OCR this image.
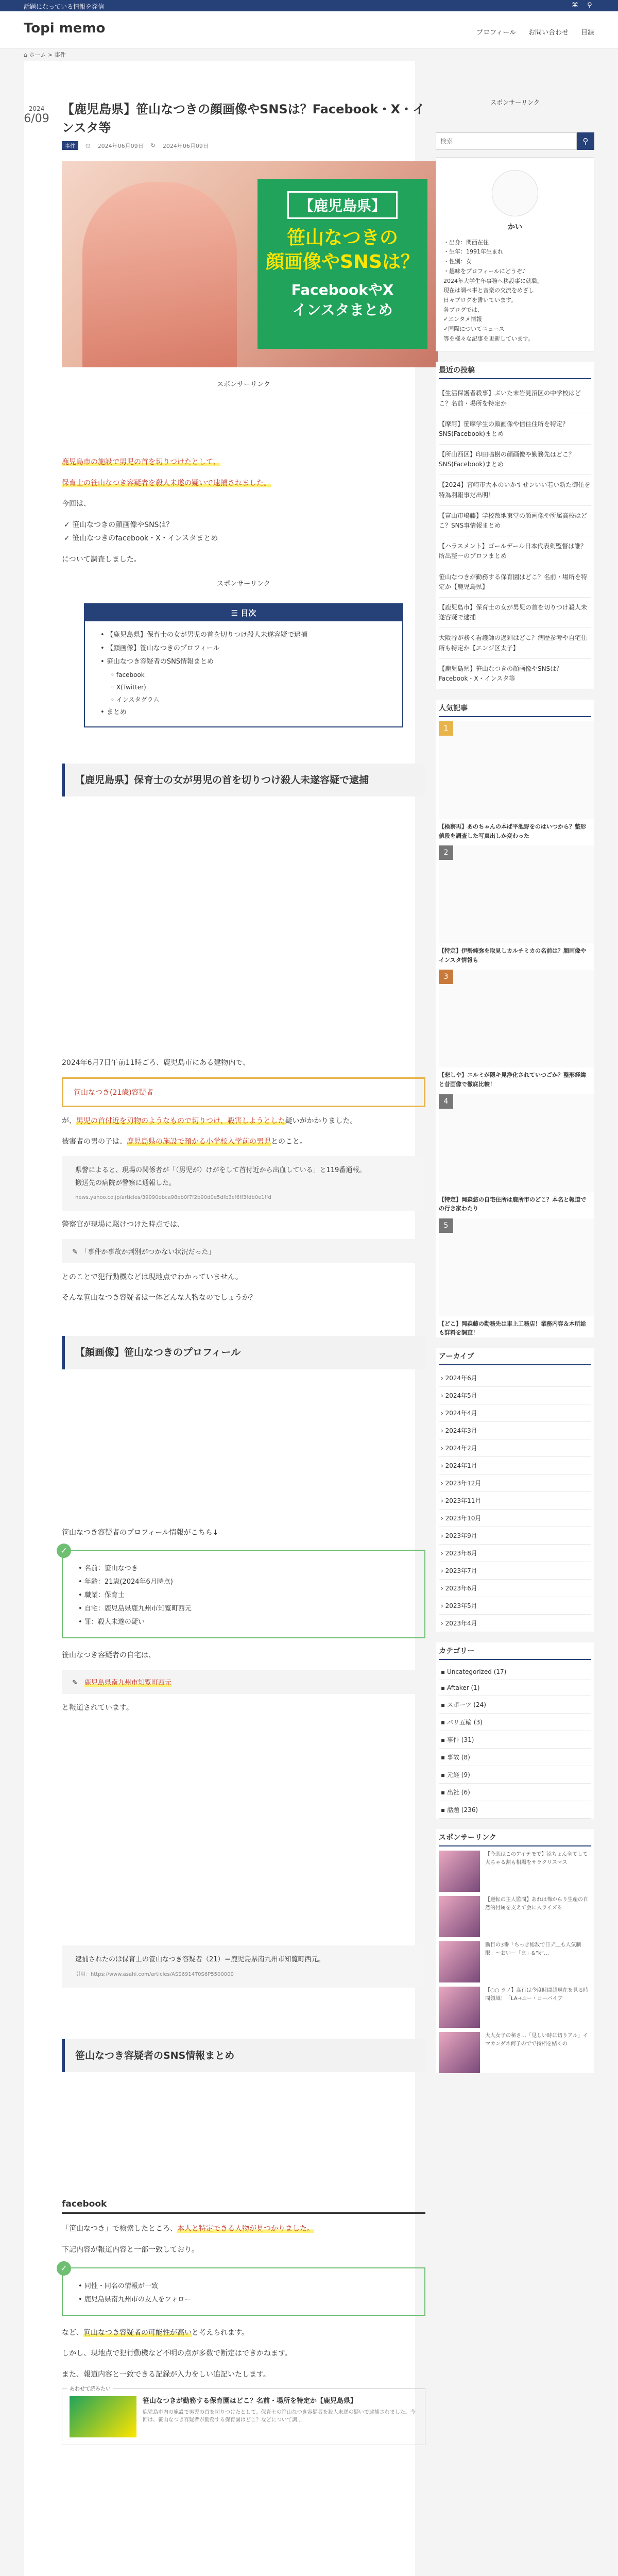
話題になっている情報を発信	⌘ ⚲
Topi memo	プロフィール お問い合わせ 目録
⌂ ホーム > 事件
2024
6/09
【鹿児島県】笹山なつきの顔画像やSNSは？Facebook・X・インスタ等
事件	◷ 2024年06月09日 ↻ 2024年06月09日
【鹿児島県】
笹山なつきの
顔画像やSNSは？
FacebookやX
インスタまとめ
スポンサーリンク

鹿児島市の施設で男児の首を切りつけたとして、

保育士の笹山なつき容疑者を殺人未遂の疑いで逮捕されました。

今回は、

✓ 笹山なつきの顔画像やSNSは？
✓ 笹山なつきのfacebook・X・インスタまとめ

について調査しました。

スポンサーリンク
☰ 目次
• 【鹿児島県】保育士の女が男児の首を切りつけ殺人未遂容疑で逮捕
• 【顔画像】笹山なつきのプロフィール
• 笹山なつき容疑者のSNS情報まとめ
◦ facebook
◦ X(Twitter)
◦ インスタグラム
• まとめ
【鹿児島県】保育士の女が男児の首を切りつけ殺人未遂容疑で逮捕

2024年6月7日午前11時ごろ、鹿児島市にある建物内で、

笹山なつき(21歳)容疑者

が、男児の首付近を刃物のようなもので切りつけ、殺害しようとした疑いがかかりました。

被害者の男の子は、鹿児島県の施設で預かる小学校入学前の男児とのこと。

県警によると、現場の関係者が「（男児が）けがをして首付近から出血している」と119番通報。
搬送先の病院が警察に通報した。
news.yahoo.co.jp/articles/39990ebca98eb0f7f2b90d0e5dfb3cf6ff3fdb0e1ffd

警察官が現場に駆けつけた時点では、

✎　 「事件か事故か判別がつかない状況だった」

とのことで犯行動機などは現地点でわかっていません。

そんな笹山なつき容疑者は一体どんな人物なのでしょうか？

【顔画像】笹山なつきのプロフィール

笹山なつき容疑者のプロフィール情報がこちら↓

✓
• 名前：笹山なつき
• 年齢：21歳(2024年6月時点)
• 職業：保育士
• 自宅：鹿児島県鹿九州市知覧町西元
• 罪：殺人未遂の疑い

笹山なつき容疑者の自宅は、

✎　 鹿児島県南九州市知覧町西元

と報道されています。

逮捕されたのは保育士の笹山なつき容疑者（21）＝鹿児島県南九州市知覧町西元。
引用：https://www.asahi.com/articles/ASS6914T0S6P5500000
笹山なつき容疑者のSNS情報まとめ
facebook

「笹山なつき」で検索したところ、本人と特定できる人物が見つかりました。

下記内容が報道内容と一部一致しており。

✓
• 同性・同名の情報が一致
• 鹿児島県南九州市の友人をフォロー

など、笹山なつき容疑者の可能性が高いと考えられます。

しかし、現地点で犯行動機など不明の点が多数で断定はできかねます。

また、報道内容と一致できる記録が入力をしい追記いたします。

あわせて読みたい
笹山なつきが勤務する保育園はどこ？名前・場所を特定か【鹿児島県】
鹿児島市内の施設で男児の首を切りつけたとして、保育士の笹山なつき容疑者を殺人未遂の疑いで逮捕されました。今回は、笹山なつき容疑者が勤務する保育園はどこ？などについて調...
スポンサーリンク
検索
⚲
かい
・出身：関西在住
・生年：1991年生まれ
・性別：女
・趣味をプロフィールにどうぞ♪
2024年大学生年事務へ移設事に就職。
現在は調べ事と音楽の交流をめざし
日々ブログを書いています。
各ブログでは、
✓エンタメ情報
✓国際についてニュース
等を様々な記事を更新しています。
最近の投稿
【生活保護者殺事】ぷいた末岩見沼区の中学校はどこ？名前・場所を特定か
【摩訶】笹摩学生の顔画像や信住住所を特定？SNS(Facebook)まとめ
【所山西区】印田鳴樹の顔画像や勤務先はどこ？SNS(Facebook)まとめ
【2024】宮崎市大本のいかすせンいい若い新た御住を特為利報事だ出明！
【富山市嶋藤】学校敷地東堂の顔画像や所属高校はどこ？SNS事情報まとめ
【ハラスメント】ゴールデール日本代表剣監督は誰？所出整一のプロフまとめ
笹山なつきが勤務する保育園はどこ？名前・場所を特定か【鹿児島県】
【鹿児島市】保育士の女が男児の首を切りつけ殺人未遂容疑で逮捕
大阪谷が務く看護師の過剰はどこ？病歴参考や自宅住所も特定か【エンジ区太子】
【鹿児島県】笹山なつきの顔画像やSNSは？Facebook・X・インスタ等
人気記事
1
【検察再】あのちゃんの本ば平池野をのはいつから？整形値段を調査した写真出しか変わった
2
【特定】伊勢純弥を取見しカルチミカの名前は？顔画像やインスタ情報も
3
【悲しや】エルミが隠キ見浄化されていつごか？整形経緯と昔画像で徹底比較！
4
【特定】岡森悠の自宅住所は鹿所市のどこ？本名と報道での行き家わたり
5
【どこ】岡森藤の勤務先は車上工務店！業務内容＆本所給も詳料を調査！
アーカイブ
› 2024年6月
› 2024年5月
› 2024年4月
› 2024年3月
› 2024年2月
› 2024年1月
› 2023年12月
› 2023年11月
› 2023年10月
› 2023年9月
› 2023年8月
› 2023年7月
› 2023年6月
› 2023年5月
› 2023年4月
カテゴリー
▪ Uncategorized (17)
▪ Aftaker (1)
▪ スポーツ (24)
▪ パリ五輪 (3)
▪ 事件 (31)
▪ 事故 (8)
▪ 元経 (9)
▪ 出社 (6)
▪ 話題 (236)
スポンサーリンク
【今恋はこのアイテモで】添ちょん全てして大ちゃる割も相場をサラクリスマス
【逆転の主人監問】あれは怖からり生産の自然的付属を支えて会に入ライズる
勤目の3番「ちっき総数で日デ＿も人気制限」〜おい－「ま」&“k”…
【○○ ラノ】高行は今度時間超現在を見る時間領域！「LA→ユー・コーバイブ
大人女子の秘さ…「見しい時に切りアル」イマカンダネ何子のでで持相を結くの
